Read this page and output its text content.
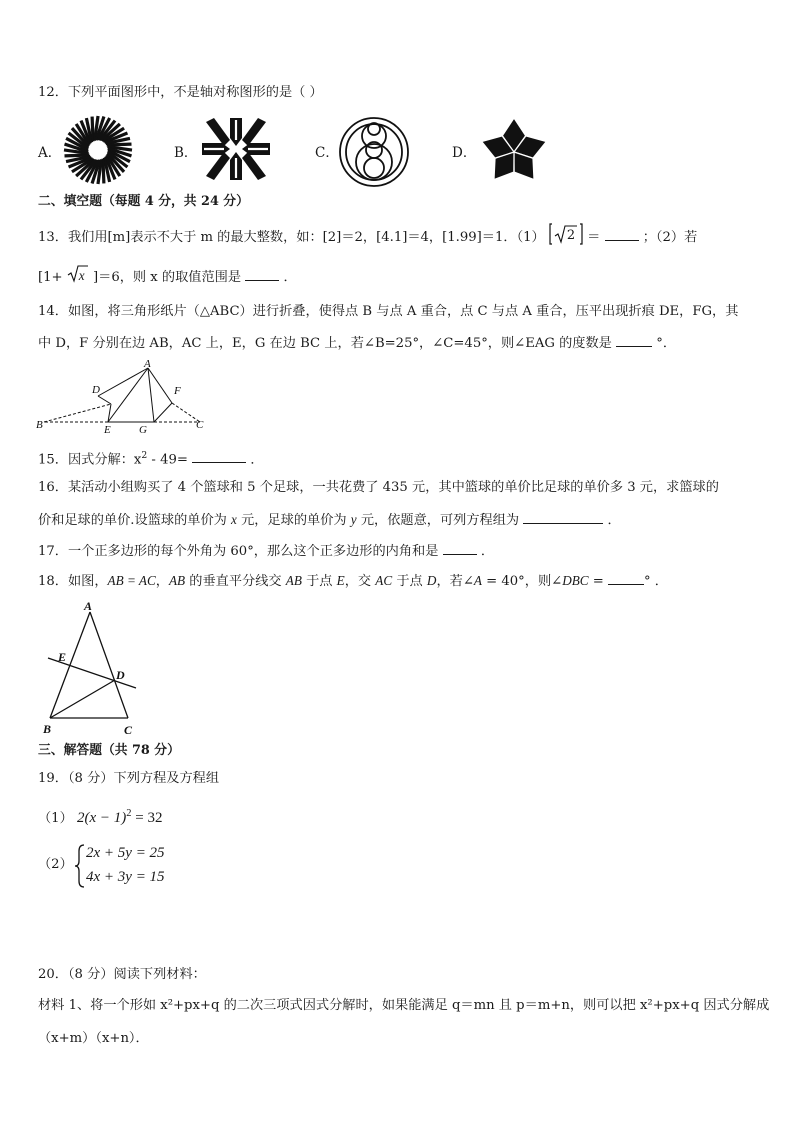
12．下列平面图形中，不是轴对称图形的是（ ）
A．	B．	C．	D．
二、填空题（每题 4 分，共 24 分）
13．我们用[m]表示不大于 m 的最大整数，如：[2]＝2，[4.1]＝4，[1.99]＝1．（1） 2 ＝	；（2）若
[1+ x ]＝6，则 x 的取值范围是	．
14．如图，将三角形纸片（△ABC）进行折叠，使得点 B 与点 A 重合，点 C 与点 A 重合，压平出现折痕 DE，FG，其
中 D，F 分别在边 AB，AC 上，E，G 在边 BC 上，若∠B=25°，∠C=45°，则∠EAG 的度数是	°．
A
D	F
B	E	G	C
15．因式分解：$x^2 - 49=$	．
16．某活动小组购买了 4 个篮球和 5 个足球，一共花费了 435 元，其中篮球的单价比足球的单价多 3 元，求篮球的
价和足球的单价.设篮球的单价为 x 元，足球的单价为 y 元，依题意，可列方程组为	．
17．一个正多边形的每个外角为 60°，那么这个正多边形的内角和是	．
18．如图，AB = AC，AB 的垂直平分线交 AB 于点 E，交 AC 于点 D，若∠A = 40°，则∠DBC =	° ．
A
E
D
B	C
三、解答题（共 78 分）
19．（8 分）下列方程及方程组
（1） $2(x - 1)^2 = 32$
（2）
2x + 5y = 25
4x + 3y = 15
20．（8 分）阅读下列材料：
材料 1、将一个形如 x²+px+q 的二次三项式因式分解时，如果能满足 q＝mn 且 p＝m+n，则可以把 x²+px+q 因式分解成
（x+m）（x+n）．
